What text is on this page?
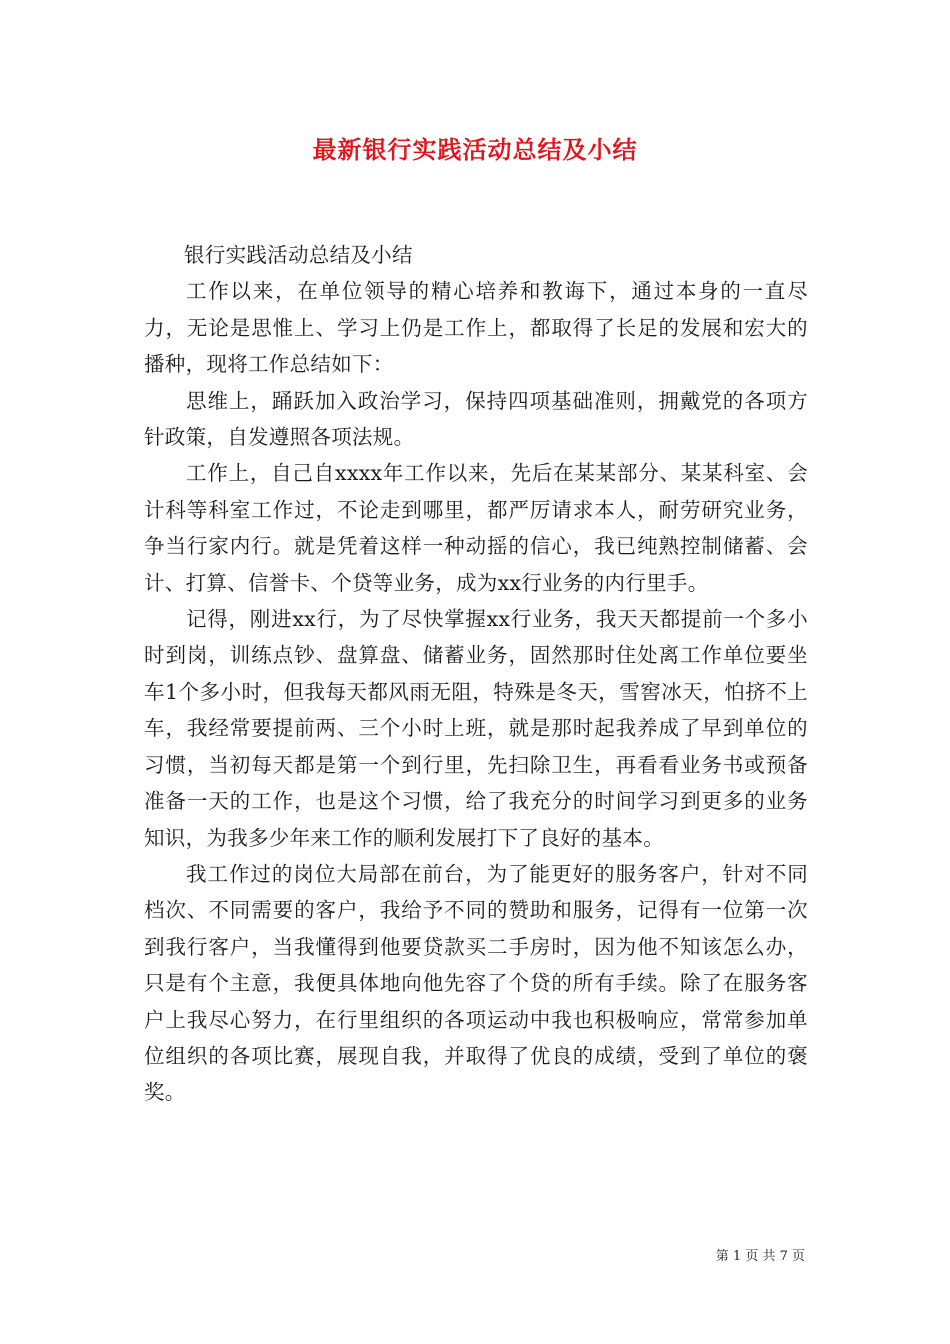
最新银行实践活动总结及小结

银行实践活动总结及小结

工作以来，在单位领导的精心培养和教诲下，通过本身的一直尽力，无论是思惟上、学习上仍是工作上，都取得了长足的发展和宏大的播种，现将工作总结如下：

思维上，踊跃加入政治学习，保持四项基础准则，拥戴党的各项方针政策，自发遵照各项法规。

工作上，自己自xxxx年工作以来，先后在某某部分、某某科室、会计科等科室工作过，不论走到哪里，都严厉请求本人，耐劳研究业务，争当行家内行。就是凭着这样一种动摇的信心，我已纯熟控制储蓄、会计、打算、信誉卡、个贷等业务，成为xx行业务的内行里手。

记得，刚进xx行，为了尽快掌握xx行业务，我天天都提前一个多小时到岗，训练点钞、盘算盘、储蓄业务，固然那时住处离工作单位要坐车1个多小时，但我每天都风雨无阻，特殊是冬天，雪窖冰天，怕挤不上车，我经常要提前两、三个小时上班，就是那时起我养成了早到单位的习惯，当初每天都是第一个到行里，先扫除卫生，再看看业务书或预备准备一天的工作，也是这个习惯，给了我充分的时间学习到更多的业务知识，为我多少年来工作的顺利发展打下了良好的基本。

我工作过的岗位大局部在前台，为了能更好的服务客户，针对不同档次、不同需要的客户，我给予不同的赞助和服务，记得有一位第一次到我行客户，当我懂得到他要贷款买二手房时，因为他不知该怎么办，只是有个主意，我便具体地向他先容了个贷的所有手续。除了在服务客户上我尽心努力，在行里组织的各项运动中我也积极响应，常常参加单位组织的各项比赛，展现自我，并取得了优良的成绩，受到了单位的褒奖。

第 1 页 共 7 页
